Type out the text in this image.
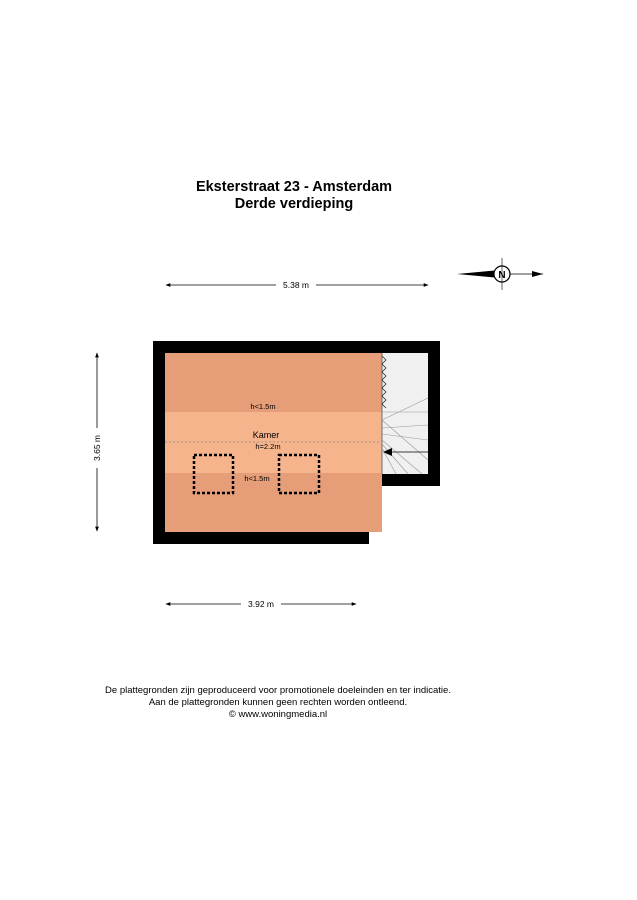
Eksterstraat 23 - Amsterdam
Derde verdieping
5.38 m
3.65 m
3.92 m
N
h<1.5m
Kamer
h=2.2m
h<1.5m
De plattegronden zijn geproduceerd voor promotionele doeleinden en ter indicatie.
Aan de plattegronden kunnen geen rechten worden ontleend.
© www.woningmedia.nl
